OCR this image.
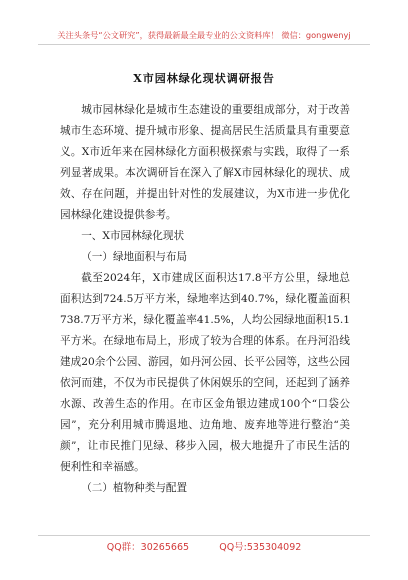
关注头条号“公文研究”，获得最新最全最专业的公文资料库！ 微信：gongwenyj
X市园林绿化现状调研报告

城市园林绿化是城市生态建设的重要组成部分，对于改善城市生态环境、提升城市形象、提高居民生活质量具有重要意义。X市近年来在园林绿化方面积极探索与实践，取得了一系列显著成果。本次调研旨在深入了解X市园林绿化的现状、成效、存在问题，并提出针对性的发展建议，为X市进一步优化园林绿化建设提供参考。

一、X市园林绿化现状

（一）绿地面积与布局

截至2024年，X市建成区面积达17.8平方公里，绿地总面积达到724.5万平方米，绿地率达到40.7%，绿化覆盖面积738.7万平方米，绿化覆盖率41.5%，人均公园绿地面积15.1平方米。在绿地布局上，形成了较为合理的体系。在丹河沿线建成20余个公园、游园，如丹河公园、长平公园等，这些公园依河而建，不仅为市民提供了休闲娱乐的空间，还起到了涵养水源、改善生态的作用。在市区金角银边建成100个“口袋公园”，充分利用城市腾退地、边角地、废弃地等进行整治“美颜”，让市民推门见绿、移步入园，极大地提升了市民生活的便利性和幸福感。

（二）植物种类与配置

QQ群：30265665          QQ号:535304092
